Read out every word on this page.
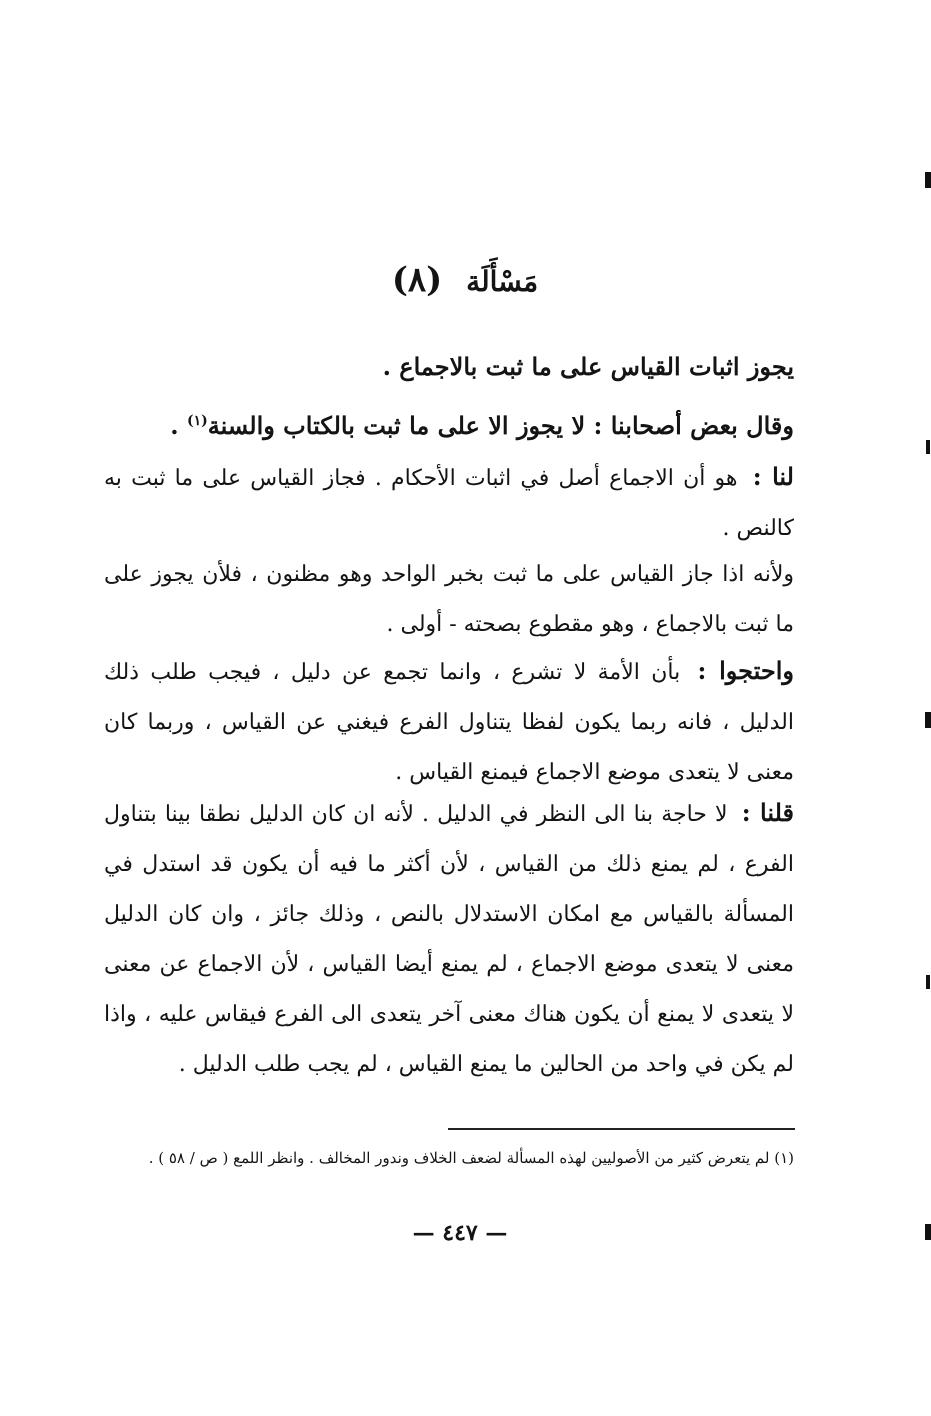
مَسْأَلَة (٨)
يجوز اثبات القياس على ما ثبت بالاجماع .
وقال بعض أصحابنا : لا يجوز الا على ما ثبت بالكتاب والسنة$^{(١)}$ .
لنا : هو أن الاجماع أصل في اثبات الأحكام . فجاز القياس على ما ثبت به كالنص .
ولأنه اذا جاز القياس على ما ثبت بخبر الواحد وهو مظنون ، فلأن يجوز على ما ثبت بالاجماع ، وهو مقطوع بصحته - أولى .
واحتجوا : بأن الأمة لا تشرع ، وانما تجمع عن دليل ، فيجب طلب ذلك الدليل ، فانه ربما يكون لفظا يتناول الفرع فيغني عن القياس ، وربما كان معنى لا يتعدى موضع الاجماع فيمنع القياس .
قلنا : لا حاجة بنا الى النظر في الدليل . لأنه ان كان الدليل نطقا بينا بتناول الفرع ، لم يمنع ذلك من القياس ، لأن أكثر ما فيه أن يكون قد استدل في المسألة بالقياس مع امكان الاستدلال بالنص ، وذلك جائز ، وان كان الدليل معنى لا يتعدى موضع الاجماع ، لم يمنع أيضا القياس ، لأن الاجماع عن معنى لا يتعدى لا يمنع أن يكون هناك معنى آخر يتعدى الى الفرع فيقاس عليه ، واذا لم يكن في واحد من الحالين ما يمنع القياس ، لم يجب طلب الدليل .
(١) لم يتعرض كثير من الأصوليين لهذه المسألة لضعف الخلاف وندور المخالف . وانظر اللمع ( ص / ٥٨ ) .
— ٤٤٧ —
